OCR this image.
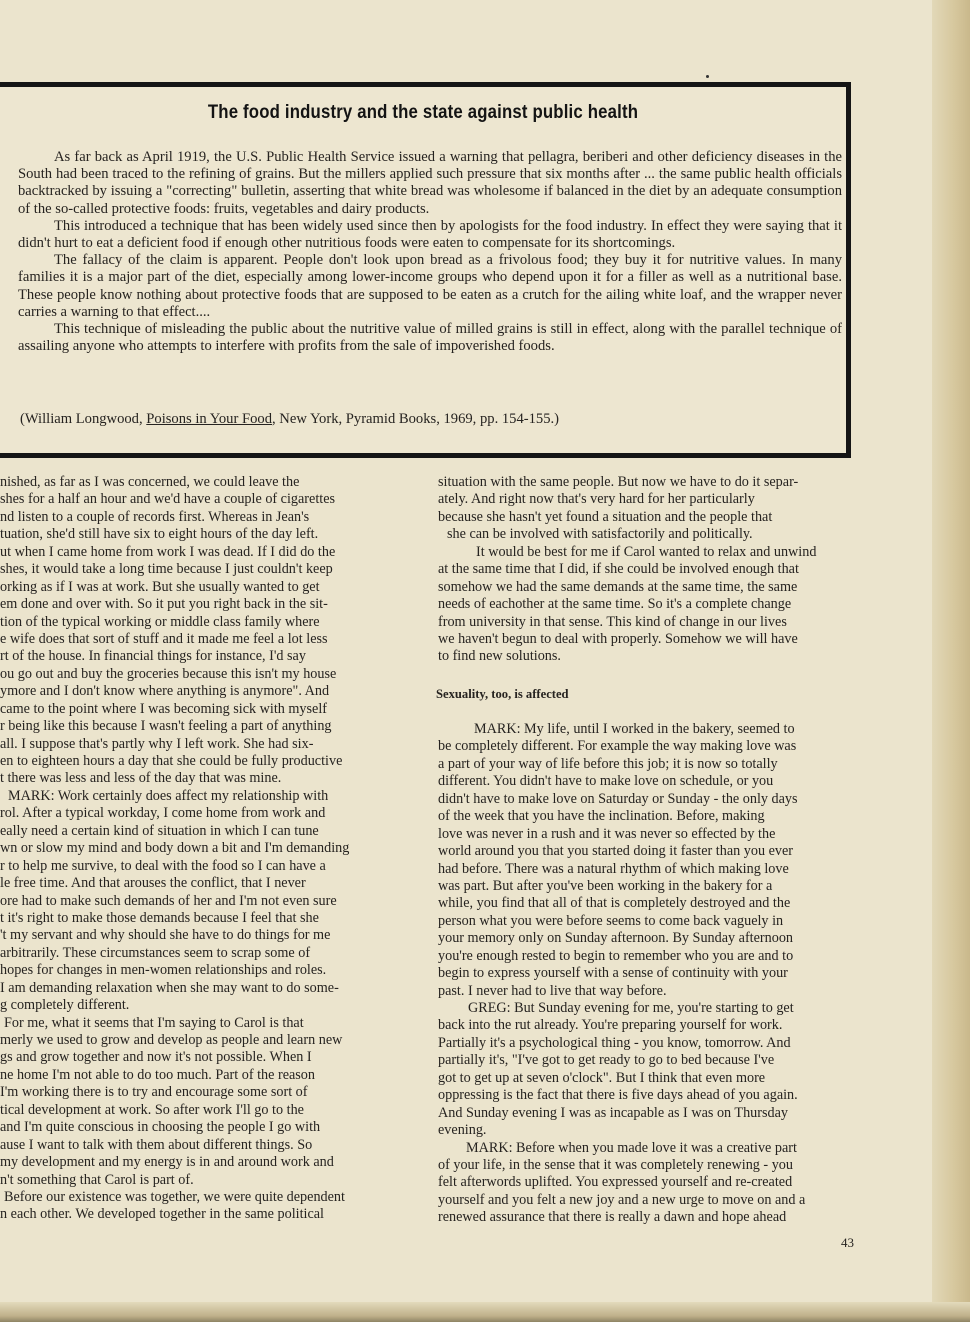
The food industry and the state against public health

As far back as April 1919, the U.S. Public Health Service issued a warning that pellagra, beriberi and other deficiency diseases in the South had been traced to the refining of grains. But the millers applied such pressure that six months after ... the same public health officials backtracked by issuing a "correcting" bulletin, asserting that white bread was wholesome if balanced in the diet by an adequate consumption of the so-called protective foods: fruits, vegetables and dairy products.

This introduced a technique that has been widely used since then by apologists for the food industry. In effect they were saying that it didn't hurt to eat a deficient food if enough other nutritious foods were eaten to compensate for its shortcomings.

The fallacy of the claim is apparent. People don't look upon bread as a frivolous food; they buy it for nutritive values. In many families it is a major part of the diet, especially among lower-income groups who depend upon it for a filler as well as a nutritional base. These people know nothing about protective foods that are supposed to be eaten as a crutch for the ailing white loaf, and the wrapper never carries a warning to that effect....

This technique of misleading the public about the nutritive value of milled grains is still in effect, along with the parallel technique of assailing anyone who attempts to interfere with profits from the sale of impoverished foods.

(William Longwood, Poisons in Your Food, New York, Pyramid Books, 1969, pp. 154-155.)
nished, as far as I was concerned, we could leave the
shes for a half an hour and we'd have a couple of cigarettes
nd listen to a couple of records first. Whereas in Jean's
tuation, she'd still have six to eight hours of the day left.
ut when I came home from work I was dead. If I did do the
shes, it would take a long time because I just couldn't keep
orking as if I was at work. But she usually wanted to get
em done and over with. So it put you right back in the sit-
tion of the typical working or middle class family where
e wife does that sort of stuff and it made me feel a lot less
rt of the house. In financial things for instance, I'd say
ou go out and buy the groceries because this isn't my house
ymore and I don't know where anything is anymore". And
came to the point where I was becoming sick with myself
r being like this because I wasn't feeling a part of anything
all. I suppose that's partly why I left work. She had six-
en to eighteen hours a day that she could be fully productive
t there was less and less of the day that was mine.
MARK: Work certainly does affect my relationship with
rol. After a typical workday, I come home from work and
eally need a certain kind of situation in which I can tune
wn or slow my mind and body down a bit and I'm demanding
r to help me survive, to deal with the food so I can have a
le free time. And that arouses the conflict, that I never
ore had to make such demands of her and I'm not even sure
t it's right to make those demands because I feel that she
't my servant and why should she have to do things for me
arbitrarily. These circumstances seem to scrap some of
hopes for changes in men-women relationships and roles.
I am demanding relaxation when she may want to do some-
g completely different.
For me, what it seems that I'm saying to Carol is that
merly we used to grow and develop as people and learn new
gs and grow together and now it's not possible. When I
ne home I'm not able to do too much. Part of the reason
I'm working there is to try and encourage some sort of
tical development at work. So after work I'll go to the
and I'm quite conscious in choosing the people I go with
ause I want to talk with them about different things. So
my development and my energy is in and around work and
n't something that Carol is part of.
Before our existence was together, we were quite dependent
n each other. We developed together in the same political
situation with the same people. But now we have to do it separ-
ately. And right now that's very hard for her particularly
because she hasn't yet found a situation and the people that
she can be involved with satisfactorily and politically.
It would be best for me if Carol wanted to relax and unwind
at the same time that I did, if she could be involved enough that
somehow we had the same demands at the same time, the same
needs of eachother at the same time. So it's a complete change
from university in that sense. This kind of change in our lives
we haven't begun to deal with properly. Somehow we will have
to find new solutions.
Sexuality, too, is affected
MARK: My life, until I worked in the bakery, seemed to
be completely different. For example the way making love was
a part of your way of life before this job; it is now so totally
different. You didn't have to make love on schedule, or you
didn't have to make love on Saturday or Sunday - the only days
of the week that you have the inclination. Before, making
love was never in a rush and it was never so effected by the
world around you that you started doing it faster than you ever
had before. There was a natural rhythm of which making love
was part. But after you've been working in the bakery for a
while, you find that all of that is completely destroyed and the
person what you were before seems to come back vaguely in
your memory only on Sunday afternoon. By Sunday afternoon
you're enough rested to begin to remember who you are and to
begin to express yourself with a sense of continuity with your
past. I never had to live that way before.
GREG: But Sunday evening for me, you're starting to get
back into the rut already. You're preparing yourself for work.
Partially it's a psychological thing - you know, tomorrow. And
partially it's, "I've got to get ready to go to bed because I've
got to get up at seven o'clock". But I think that even more
oppressing is the fact that there is five days ahead of you again.
And Sunday evening I was as incapable as I was on Thursday
evening.
MARK: Before when you made love it was a creative part
of your life, in the sense that it was completely renewing - you
felt afterwords uplifted. You expressed yourself and re-created
yourself and you felt a new joy and a new urge to move on and a
renewed assurance that there is really a dawn and hope ahead
43
